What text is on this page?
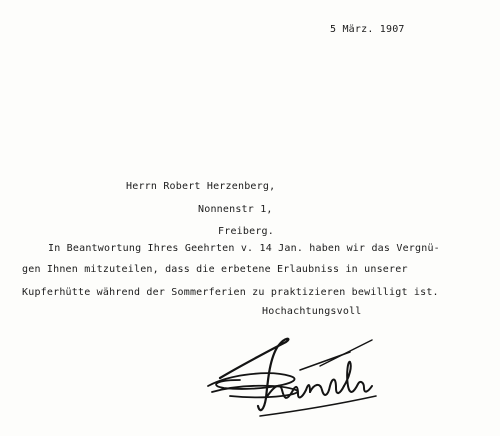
5 März. 1907
Herrn Robert Herzenberg,
Nonnenstr 1,
Freiberg.
In Beantwortung Ihres Geehrten v. 14 Jan. haben wir das Vergnü-
gen Ihnen mitzuteilen, dass die erbetene Erlaubniss in unserer
Kupferhütte während der Sommerferien zu praktizieren bewilligt ist.
Hochachtungsvoll
